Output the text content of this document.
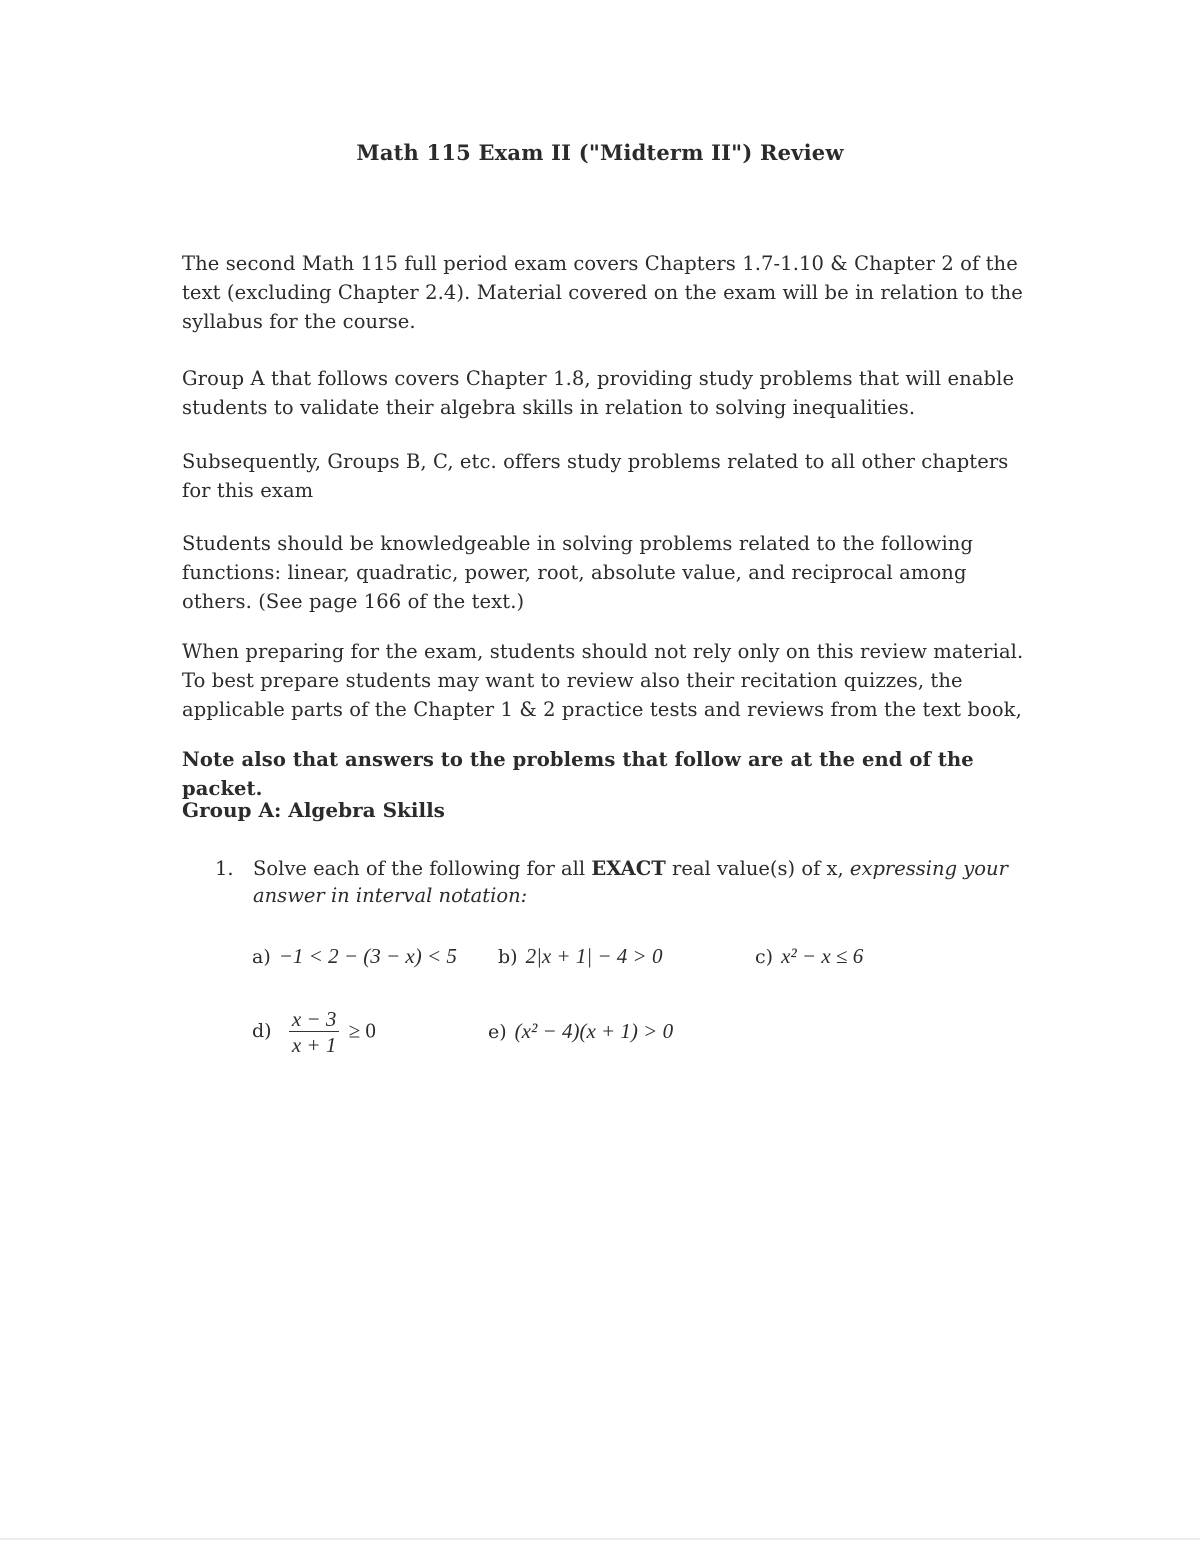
Math 115 Exam II ("Midterm II") Review
The second Math 115 full period exam covers Chapters 1.7-1.10 & Chapter 2 of the text (excluding Chapter 2.4). Material covered on the exam will be in relation to the syllabus for the course.
Group A that follows covers Chapter 1.8, providing study problems that will enable students to validate their algebra skills in relation to solving inequalities.
Subsequently, Groups B, C, etc. offers study problems related to all other chapters for this exam
Students should be knowledgeable in solving problems related to the following functions: linear, quadratic, power, root, absolute value, and reciprocal among others. (See page 166 of the text.)
When preparing for the exam, students should not rely only on this review material. To best prepare students may want to review also their recitation quizzes, the applicable parts of the Chapter 1 & 2 practice tests and reviews from the text book,
Note also that answers to the problems that follow are at the end of the packet.
Group A: Algebra Skills
1. Solve each of the following for all EXACT real value(s) of x, expressing your answer in interval notation:
a) −1 < 2 − (3 − x) < 5 b) 2|x + 1| − 4 > 0	c) x² − x ≤ 6
$d) \frac{x - 3}{x + 1} \ge 0$	e) (x² − 4)(x + 1) > 0
